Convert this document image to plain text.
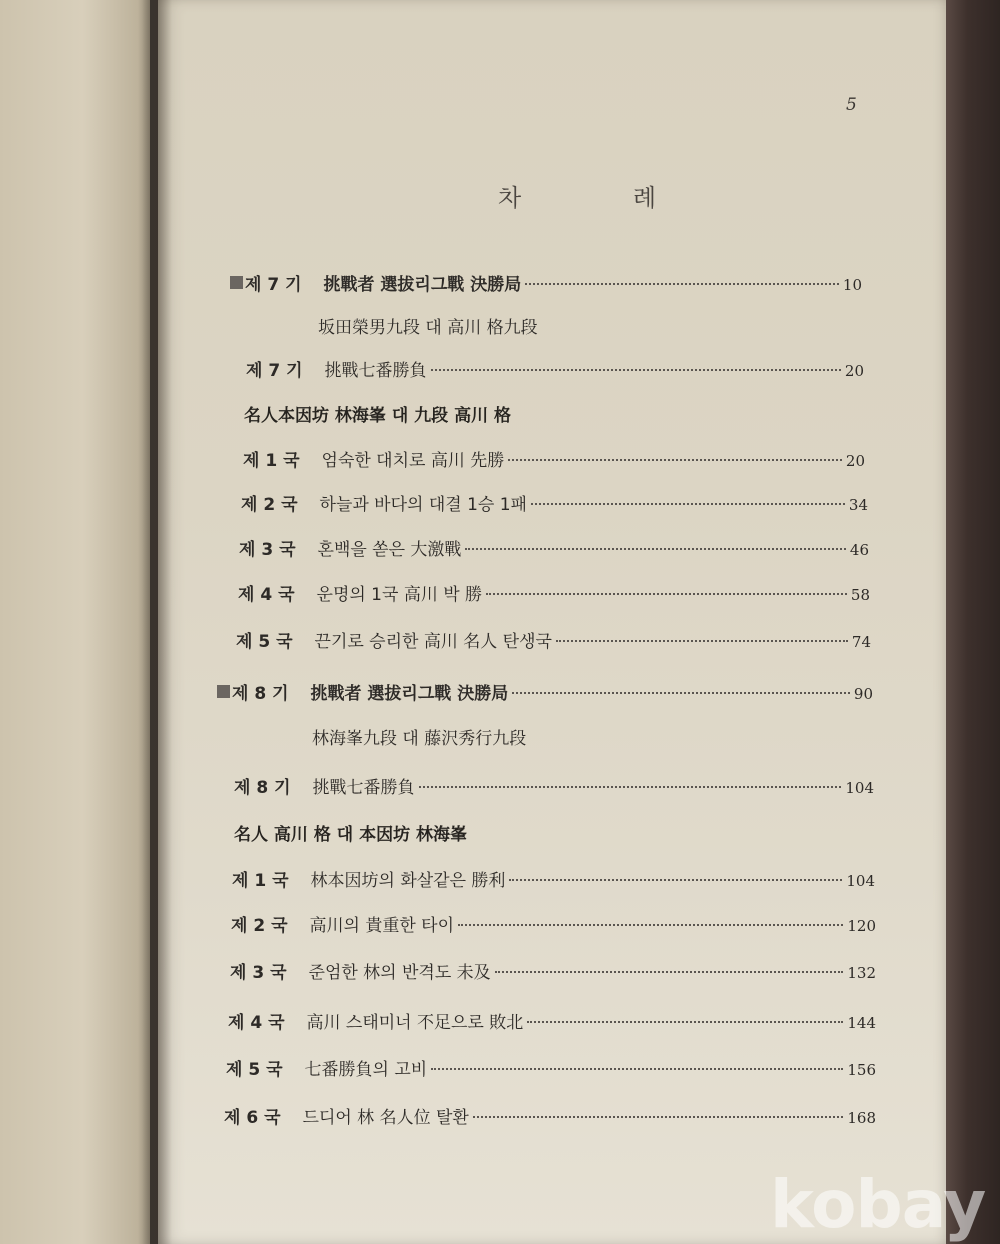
5
차 례
제 7 기 挑戰者 選拔리그戰 決勝局	10
坂田榮男九段 대 高川 格九段
제 7 기 挑戰七番勝負	20
名人本因坊 林海峯 대 九段 高川 格
제 1 국 엄숙한 대치로 高川 先勝	20
제 2 국 하늘과 바다의 대결 1승 1패	34
제 3 국 혼백을 쏟은 大激戰	46
제 4 국 운명의 1국 高川 박 勝	58
제 5 국 끈기로 승리한 高川 名人 탄생국	74
제 8 기 挑戰者 選拔리그戰 決勝局	90
林海峯九段 대 藤沢秀行九段
제 8 기 挑戰七番勝負	104
名人 高川 格 대 本因坊 林海峯
제 1 국 林本因坊의 화살같은 勝利	104
제 2 국 高川의 貴重한 타이	120
제 3 국 준엄한 林의 반격도 未及	132
제 4 국 高川 스태미너 不足으로 敗北	144
제 5 국 七番勝負의 고비	156
제 6 국 드디어 林 名人位 탈환	168
kobay
